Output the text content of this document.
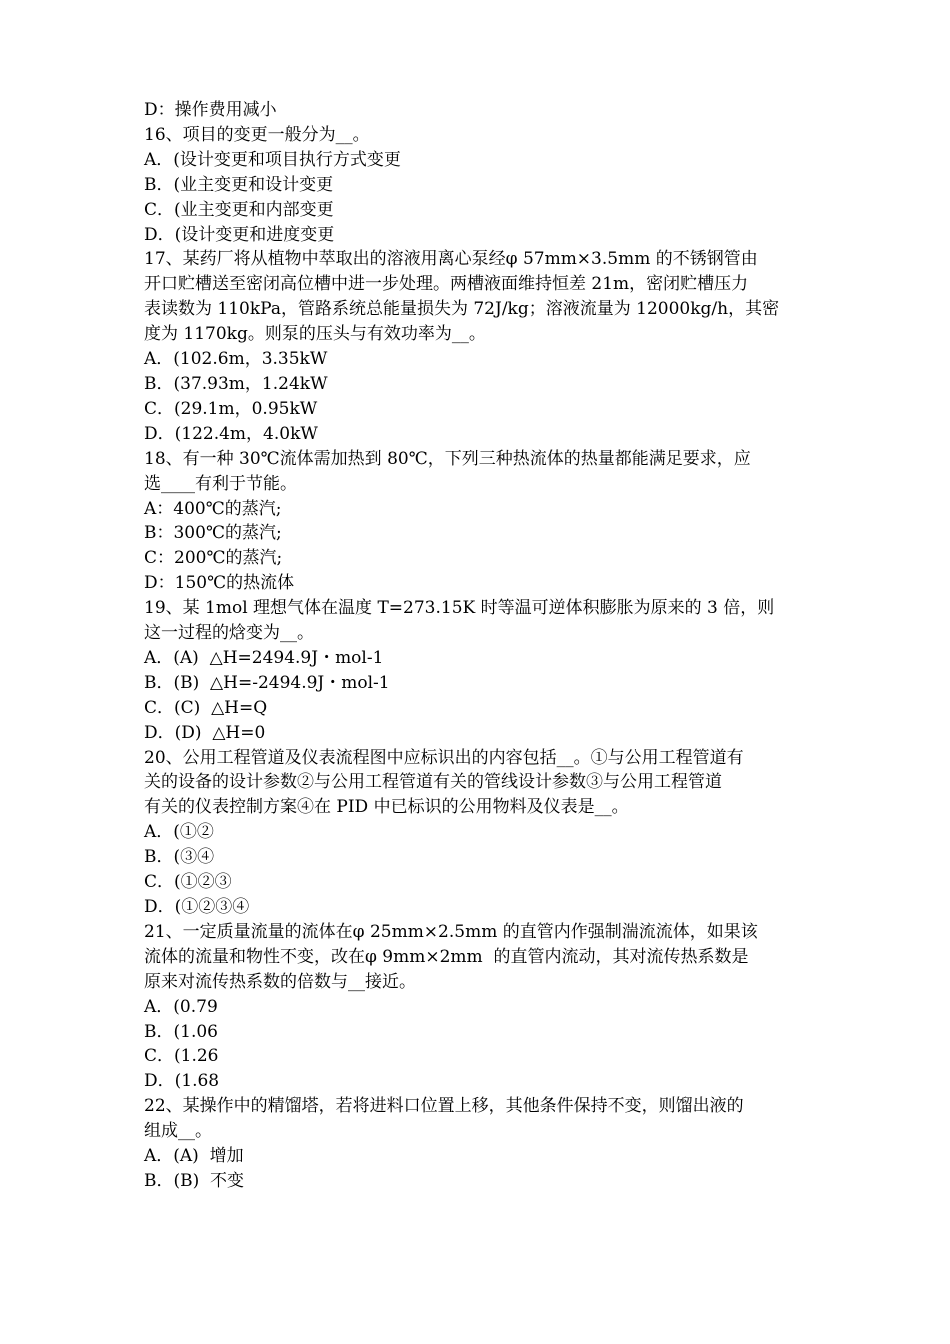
D：操作费用减小

16、项目的变更一般分为__。

A．(设计变更和项目执行方式变更

B．(业主变更和设计变更

C．(业主变更和内部变更

D．(设计变更和进度变更

17、某药厂将从植物中萃取出的溶液用离心泵经φ 57mm×3.5mm 的不锈钢管由

开口贮槽送至密闭高位槽中进一步处理。两槽液面维持恒差 21m，密闭贮槽压力

表读数为 110kPa，管路系统总能量损失为 72J/kg；溶液流量为 12000kg/h，其密

度为 1170kg。则泵的压头与有效功率为__。

A．(102.6m，3.35kW

B．(37.93m，1.24kW

C．(29.1m，0.95kW

D．(122.4m，4.0kW

18、有一种 30℃流体需加热到 80℃，下列三种热流体的热量都能满足要求，应

选____有利于节能。

A：400℃的蒸汽;

B：300℃的蒸汽;

C：200℃的蒸汽;

D：150℃的热流体

19、某 1mol 理想气体在温度 T=273.15K 时等温可逆体积膨胀为原来的 3 倍，则

这一过程的焓变为__。

A．(A)  △H=2494.9J・mol-1

B．(B)  △H=-2494.9J・mol-1

C．(C)  △H=Q

D．(D)  △H=0

20、公用工程管道及仪表流程图中应标识出的内容包括__。①与公用工程管道有

关的设备的设计参数②与公用工程管道有关的管线设计参数③与公用工程管道

有关的仪表控制方案④在 PID 中已标识的公用物料及仪表是__。

A．(①②

B．(③④

C．(①②③

D．(①②③④

21、一定质量流量的流体在φ 25mm×2.5mm 的直管内作强制湍流流体，如果该

流体的流量和物性不变，改在φ 9mm×2mm  的直管内流动，其对流传热系数是

原来对流传热系数的倍数与__接近。

A．(0.79

B．(1.06

C．(1.26

D．(1.68

22、某操作中的精馏塔，若将进料口位置上移，其他条件保持不变，则馏出液的

组成__。

A．(A)  增加

B．(B)  不变
